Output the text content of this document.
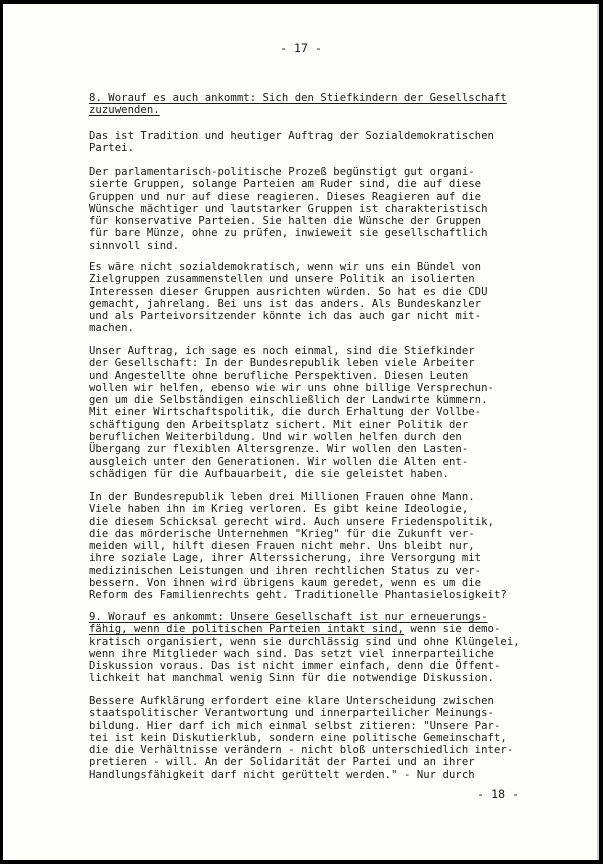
- 17 -
8. Worauf es auch ankommt: Sich den Stiefkindern der Gesellschaft
zuzuwenden.
Das ist Tradition und heutiger Auftrag der Sozialdemokratischen
Partei.
Der parlamentarisch-politische Prozeß begünstigt gut organi-
sierte Gruppen, solange Parteien am Ruder sind, die auf diese
Gruppen und nur auf diese reagieren. Dieses Reagieren auf die
Wünsche mächtiger und lautstarker Gruppen ist charakteristisch
für konservative Parteien. Sie halten die Wünsche der Gruppen
für bare Münze, ohne zu prüfen, inwieweit sie gesellschaftlich
sinnvoll sind.
Es wäre nicht sozialdemokratisch, wenn wir uns ein Bündel von
Zielgruppen zusammenstellen und unsere Politik an isolierten
Interessen dieser Gruppen ausrichten würden. So hat es die CDU
gemacht, jahrelang. Bei uns ist das anders. Als Bundeskanzler
und als Parteivorsitzender könnte ich das auch gar nicht mit-
machen.
Unser Auftrag, ich sage es noch einmal, sind die Stiefkinder
der Gesellschaft: In der Bundesrepublik leben viele Arbeiter
und Angestellte ohne berufliche Perspektiven. Diesen Leuten
wollen wir helfen, ebenso wie wir uns ohne billige Versprechun-
gen um die Selbständigen einschließlich der Landwirte kümmern.
Mit einer Wirtschaftspolitik, die durch Erhaltung der Vollbe-
schäftigung den Arbeitsplatz sichert. Mit einer Politik der
beruflichen Weiterbildung. Und wir wollen helfen durch den
Übergang zur flexiblen Altersgrenze. Wir wollen den Lasten-
ausgleich unter den Generationen. Wir wollen die Alten ent-
schädigen für die Aufbauarbeit, die sie geleistet haben.
In der Bundesrepublik leben drei Millionen Frauen ohne Mann.
Viele haben ihn im Krieg verloren. Es gibt keine Ideologie,
die diesem Schicksal gerecht wird. Auch unsere Friedenspolitik,
die das mörderische Unternehmen "Krieg" für die Zukunft ver-
meiden will, hilft diesen Frauen nicht mehr. Uns bleibt nur,
ihre soziale Lage, ihrer Alterssicherung, ihre Versorgung mit
medizinischen Leistungen und ihren rechtlichen Status zu ver-
bessern. Von ihnen wird übrigens kaum geredet, wenn es um die
Reform des Familienrechts geht. Traditionelle Phantasielosigkeit?
9. Worauf es ankommt: Unsere Gesellschaft ist nur erneuerungs-
fähig, wenn die politischen Parteien intakt sind, wenn sie demo-
kratisch organisiert, wenn sie durchlässig sind und ohne Klüngelei,
wenn ihre Mitglieder wach sind. Das setzt viel innerparteiliche
Diskussion voraus. Das ist nicht immer einfach, denn die Öffent-
lichkeit hat manchmal wenig Sinn für die notwendige Diskussion.
Bessere Aufklärung erfordert eine klare Unterscheidung zwischen
staatspolitischer Verantwortung und innerparteilicher Meinungs-
bildung. Hier darf ich mich einmal selbst zitieren: "Unsere Par-
tei ist kein Diskutierklub, sondern eine politische Gemeinschaft,
die die Verhältnisse verändern - nicht bloß unterschiedlich inter-
pretieren - will. An der Solidarität der Partei und an ihrer
Handlungsfähigkeit darf nicht gerüttelt werden." - Nur durch
- 18 -
